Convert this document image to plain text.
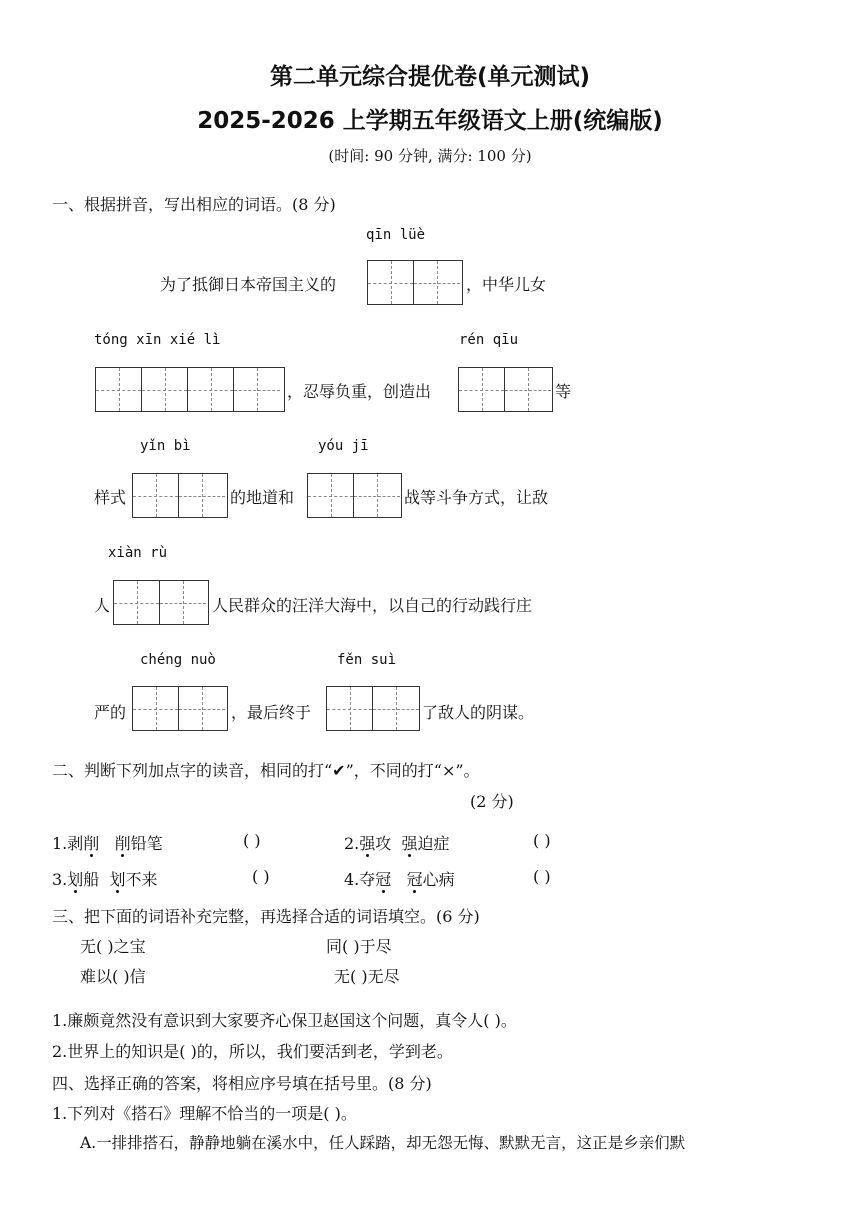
第二单元综合提优卷(单元测试)
2025-2026 上学期五年级语文上册(统编版)
(时间: 90 分钟, 满分: 100 分)
一、根据拼音，写出相应的词语。(8 分)
qīn lüè
为了抵御日本帝国主义的	，中华儿女
tóng xīn xié lì	rén qīu
，忍辱负重，创造出	等
yǐn bì	yóu jī
样式	的地道和	战等斗争方式，让敌
xiàn rù
人	人民群众的汪洋大海中，以自己的行动践行庄
chéng nuò	fěn suì
严的	，最后终于	了敌人的阴谋。
二、判断下列加点字的读音，相同的打“✔”，不同的打“×”。
(2 分)
1.剥削 削铅笔	( )	2.强攻 强迫症	( )
3.划船 划不来	( )	4.夺冠 冠心病	( )
三、把下面的词语补充完整，再选择合适的词语填空。(6 分)
无( )之宝	同( )于尽
难以( )信	无( )无尽
1.廉颇竟然没有意识到大家要齐心保卫赵国这个问题，真令人( )。
2.世界上的知识是( )的，所以，我们要活到老，学到老。
四、选择正确的答案，将相应序号填在括号里。(8 分)
1.下列对《搭石》理解不恰当的一项是( )。
A.一排排搭石，静静地躺在溪水中，任人踩踏，却无怨无悔、默默无言，这正是乡亲们默
